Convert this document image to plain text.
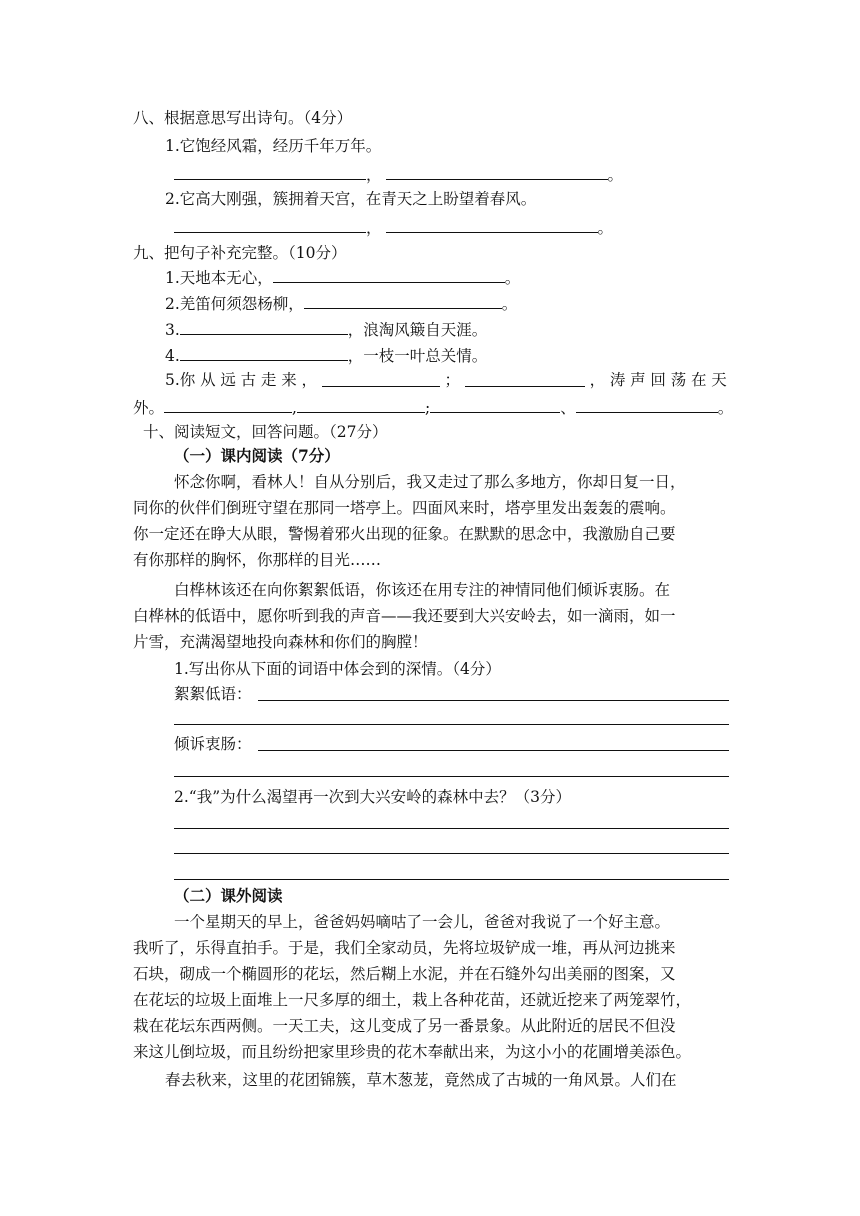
八、根据意思写出诗句。（4分）
1.它饱经风霜，经历千年万年。
，	。
2.它高大刚强，簇拥着天宫，在青天之上盼望着春风。
，	。
九、把句子补充完整。（10分）
1.天地本无心，	。
2.羌笛何须怨杨柳，	。
3.	，浪淘风簸自天涯。
4.	，一枝一叶总关情。
5.你 从 远 古 走 来 ，	；	， 涛 声 回 荡 在 天
外。	,	;	、	。
十、阅读短文，回答问题。（27分）
（一）课内阅读（7分）
怀念你啊，看林人！自从分别后，我又走过了那么多地方，你却日复一日，
同你的伙伴们倒班守望在那同一塔亭上。四面风来时，塔亭里发出轰轰的震响。
你一定还在睁大从眼，警惕着邪火出现的征象。在默默的思念中，我激励自己要
有你那样的胸怀，你那样的目光……
白桦林该还在向你絮絮低语，你该还在用专注的神情同他们倾诉衷肠。在
白桦林的低语中，愿你听到我的声音——我还要到大兴安岭去，如一滴雨，如一
片雪，充满渴望地投向森林和你们的胸膛！
1.写出你从下面的词语中体会到的深情。（4分）
絮絮低语：
倾诉衷肠：
2.“我”为什么渴望再一次到大兴安岭的森林中去？（3分）
（二）课外阅读
一个星期天的早上，爸爸妈妈嘀咕了一会儿，爸爸对我说了一个好主意。
我听了，乐得直拍手。于是，我们全家动员，先将垃圾铲成一堆，再从河边挑来
石块，砌成一个椭圆形的花坛，然后糊上水泥，并在石缝外勾出美丽的图案，又
在花坛的垃圾上面堆上一尺多厚的细土，栽上各种花苗，还就近挖来了两笼翠竹，
栽在花坛东西两侧。一天工夫，这儿变成了另一番景象。从此附近的居民不但没
来这儿倒垃圾，而且纷纷把家里珍贵的花木奉献出来，为这小小的花圃增美添色。
春去秋来，这里的花团锦簇，草木葱茏，竟然成了古城的一角风景。人们在
